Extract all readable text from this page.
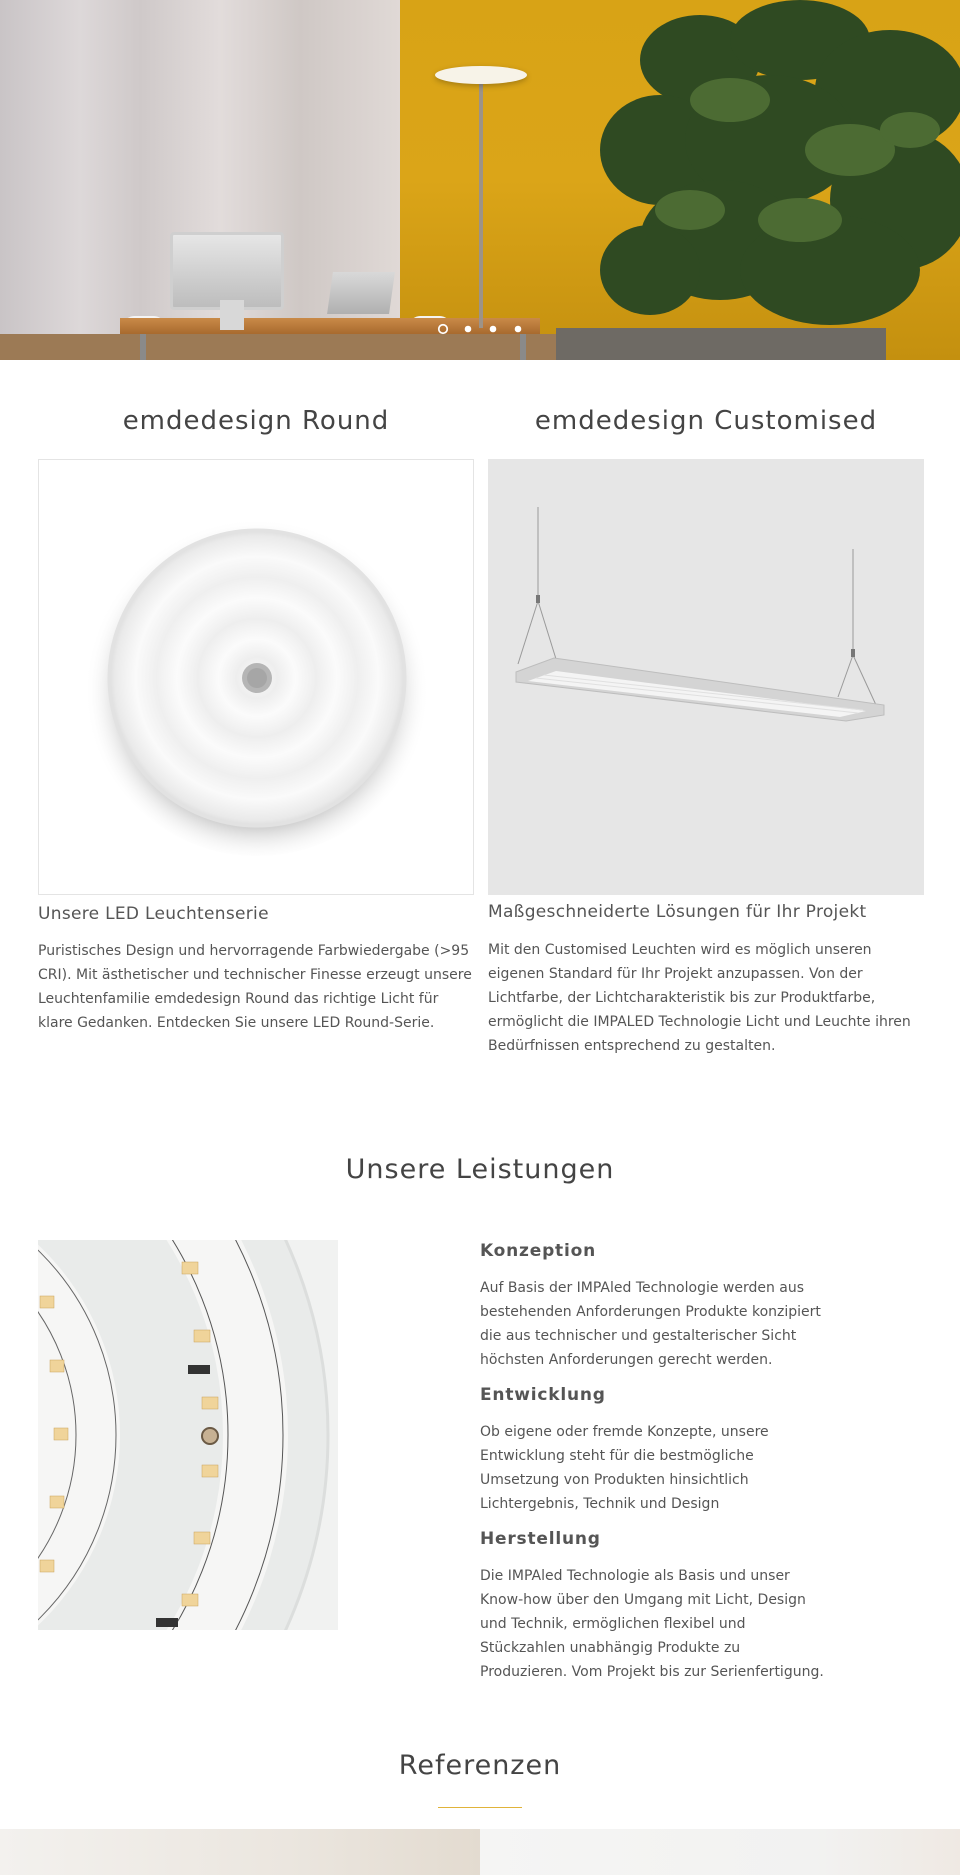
emdedesign Round
Unsere LED Leuchtenserie

Puristisches Design und hervorragende Farbwiedergabe (>95 CRI). Mit ästhetischer und technischer Finesse erzeugt unsere Leuchtenfamilie emdedesign Round das richtige Licht für klare Gedanken. Entdecken Sie unsere LED Round-Serie.

emdedesign Customised
Maßgeschneiderte Lösungen für Ihr Projekt

Mit den Customised Leuchten wird es möglich unseren eigenen Standard für Ihr Projekt anzupassen. Von der Lichtfarbe, der Lichtcharakteristik bis zur Produktfarbe, ermöglicht die IMPALED Technologie Licht und Leuchte ihren Bedürfnissen entsprechend zu gestalten.

Unsere Leistungen
Konzeption

Auf Basis der IMPAled Technologie werden aus bestehenden Anforderungen Produkte konzipiert die aus technischer und gestalterischer Sicht höchsten Anforderungen gerecht werden.

Entwicklung

Ob eigene oder fremde Konzepte, unsere Entwicklung steht für die bestmögliche Umsetzung von Produkten hinsichtlich Lichtergebnis, Technik und Design

Herstellung

Die IMPAled Technologie als Basis und unser Know-how über den Umgang mit Licht, Design und Technik, ermöglichen flexibel und Stückzahlen unabhängig Produkte zu Produzieren. Vom Projekt bis zur Serienfertigung.

Referenzen
